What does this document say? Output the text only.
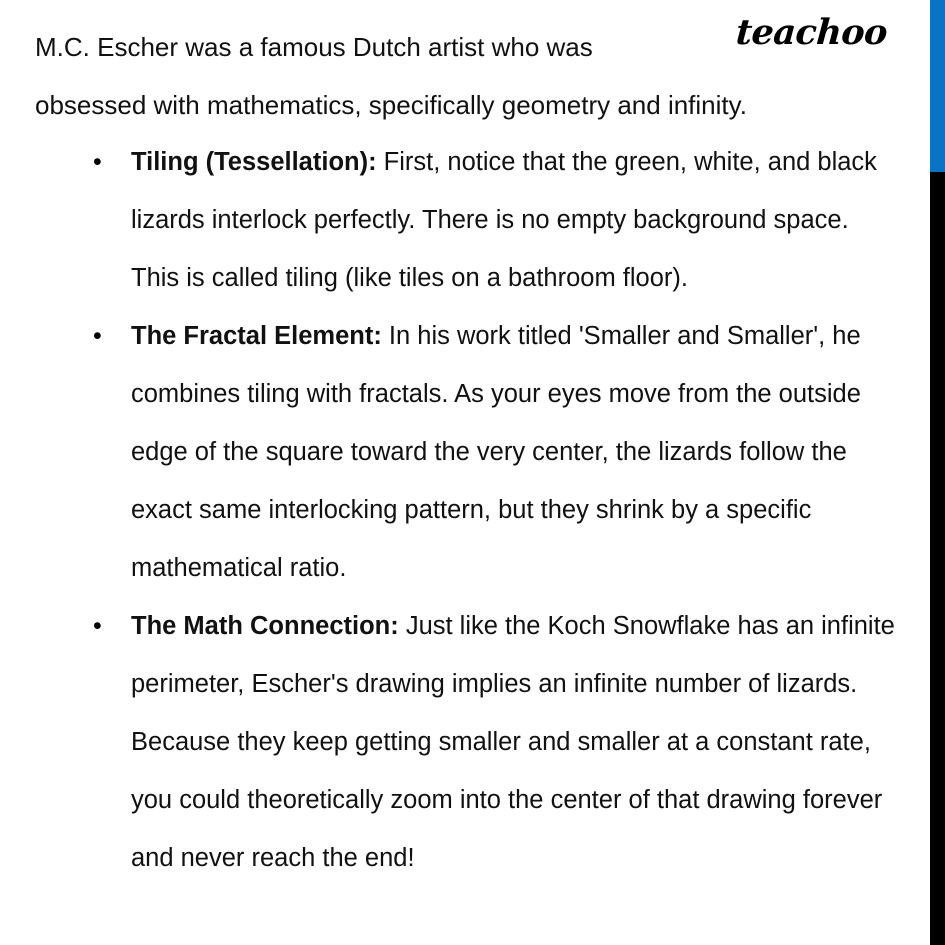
teachoo
M.C. Escher was a famous Dutch artist who was
obsessed with mathematics, specifically geometry and infinity.
• Tiling (Tessellation): First, notice that the green, white, and black lizards interlock perfectly. There is no empty background space. This is called tiling (like tiles on a bathroom floor).
• The Fractal Element: In his work titled 'Smaller and Smaller', he combines tiling with fractals. As your eyes move from the outside edge of the square toward the very center, the lizards follow the exact same interlocking pattern, but they shrink by a specific mathematical ratio.
• The Math Connection: Just like the Koch Snowflake has an infinite perimeter, Escher's drawing implies an infinite number of lizards. Because they keep getting smaller and smaller at a constant rate, you could theoretically zoom into the center of that drawing forever and never reach the end!
